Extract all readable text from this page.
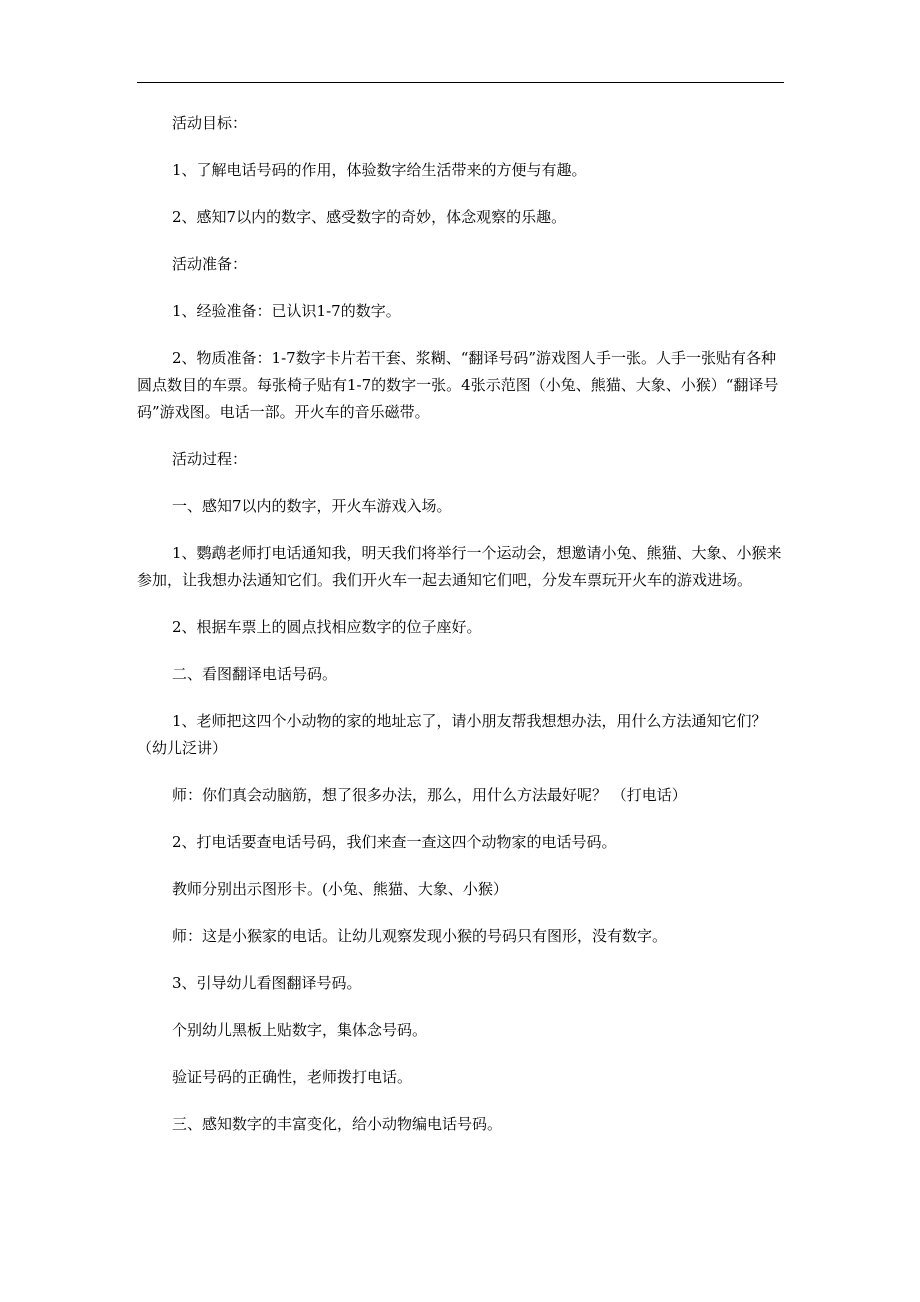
活动目标：

1、了解电话号码的作用，体验数字给生活带来的方便与有趣。

2、感知7以内的数字、感受数字的奇妙，体念观察的乐趣。

活动准备：

1、经验准备：已认识1-7的数字。

2、物质准备：1-7数字卡片若干套、浆糊、“翻译号码”游戏图人手一张。人手一张贴有各种圆点数目的车票。每张椅子贴有1-7的数字一张。4张示范图（小兔、熊猫、大象、小猴）“翻译号码”游戏图。电话一部。开火车的音乐磁带。

活动过程：

一、感知7以内的数字，开火车游戏入场。

1、鹦鹉老师打电话通知我，明天我们将举行一个运动会，想邀请小兔、熊猫、大象、小猴来参加，让我想办法通知它们。我们开火车一起去通知它们吧，分发车票玩开火车的游戏进场。

2、根据车票上的圆点找相应数字的位子座好。

二、看图翻译电话号码。

1、老师把这四个小动物的家的地址忘了，请小朋友帮我想想办法，用什么方法通知它们？（幼儿泛讲）

师：你们真会动脑筋，想了很多办法，那么，用什么方法最好呢？ （打电话）

2、打电话要查电话号码，我们来查一查这四个动物家的电话号码。

教师分别出示图形卡。(小兔、熊猫、大象、小猴）

师：这是小猴家的电话。让幼儿观察发现小猴的号码只有图形，没有数字。

3、引导幼儿看图翻译号码。

个别幼儿黑板上贴数字，集体念号码。

验证号码的正确性，老师拨打电话。

三、感知数字的丰富变化，给小动物编电话号码。
